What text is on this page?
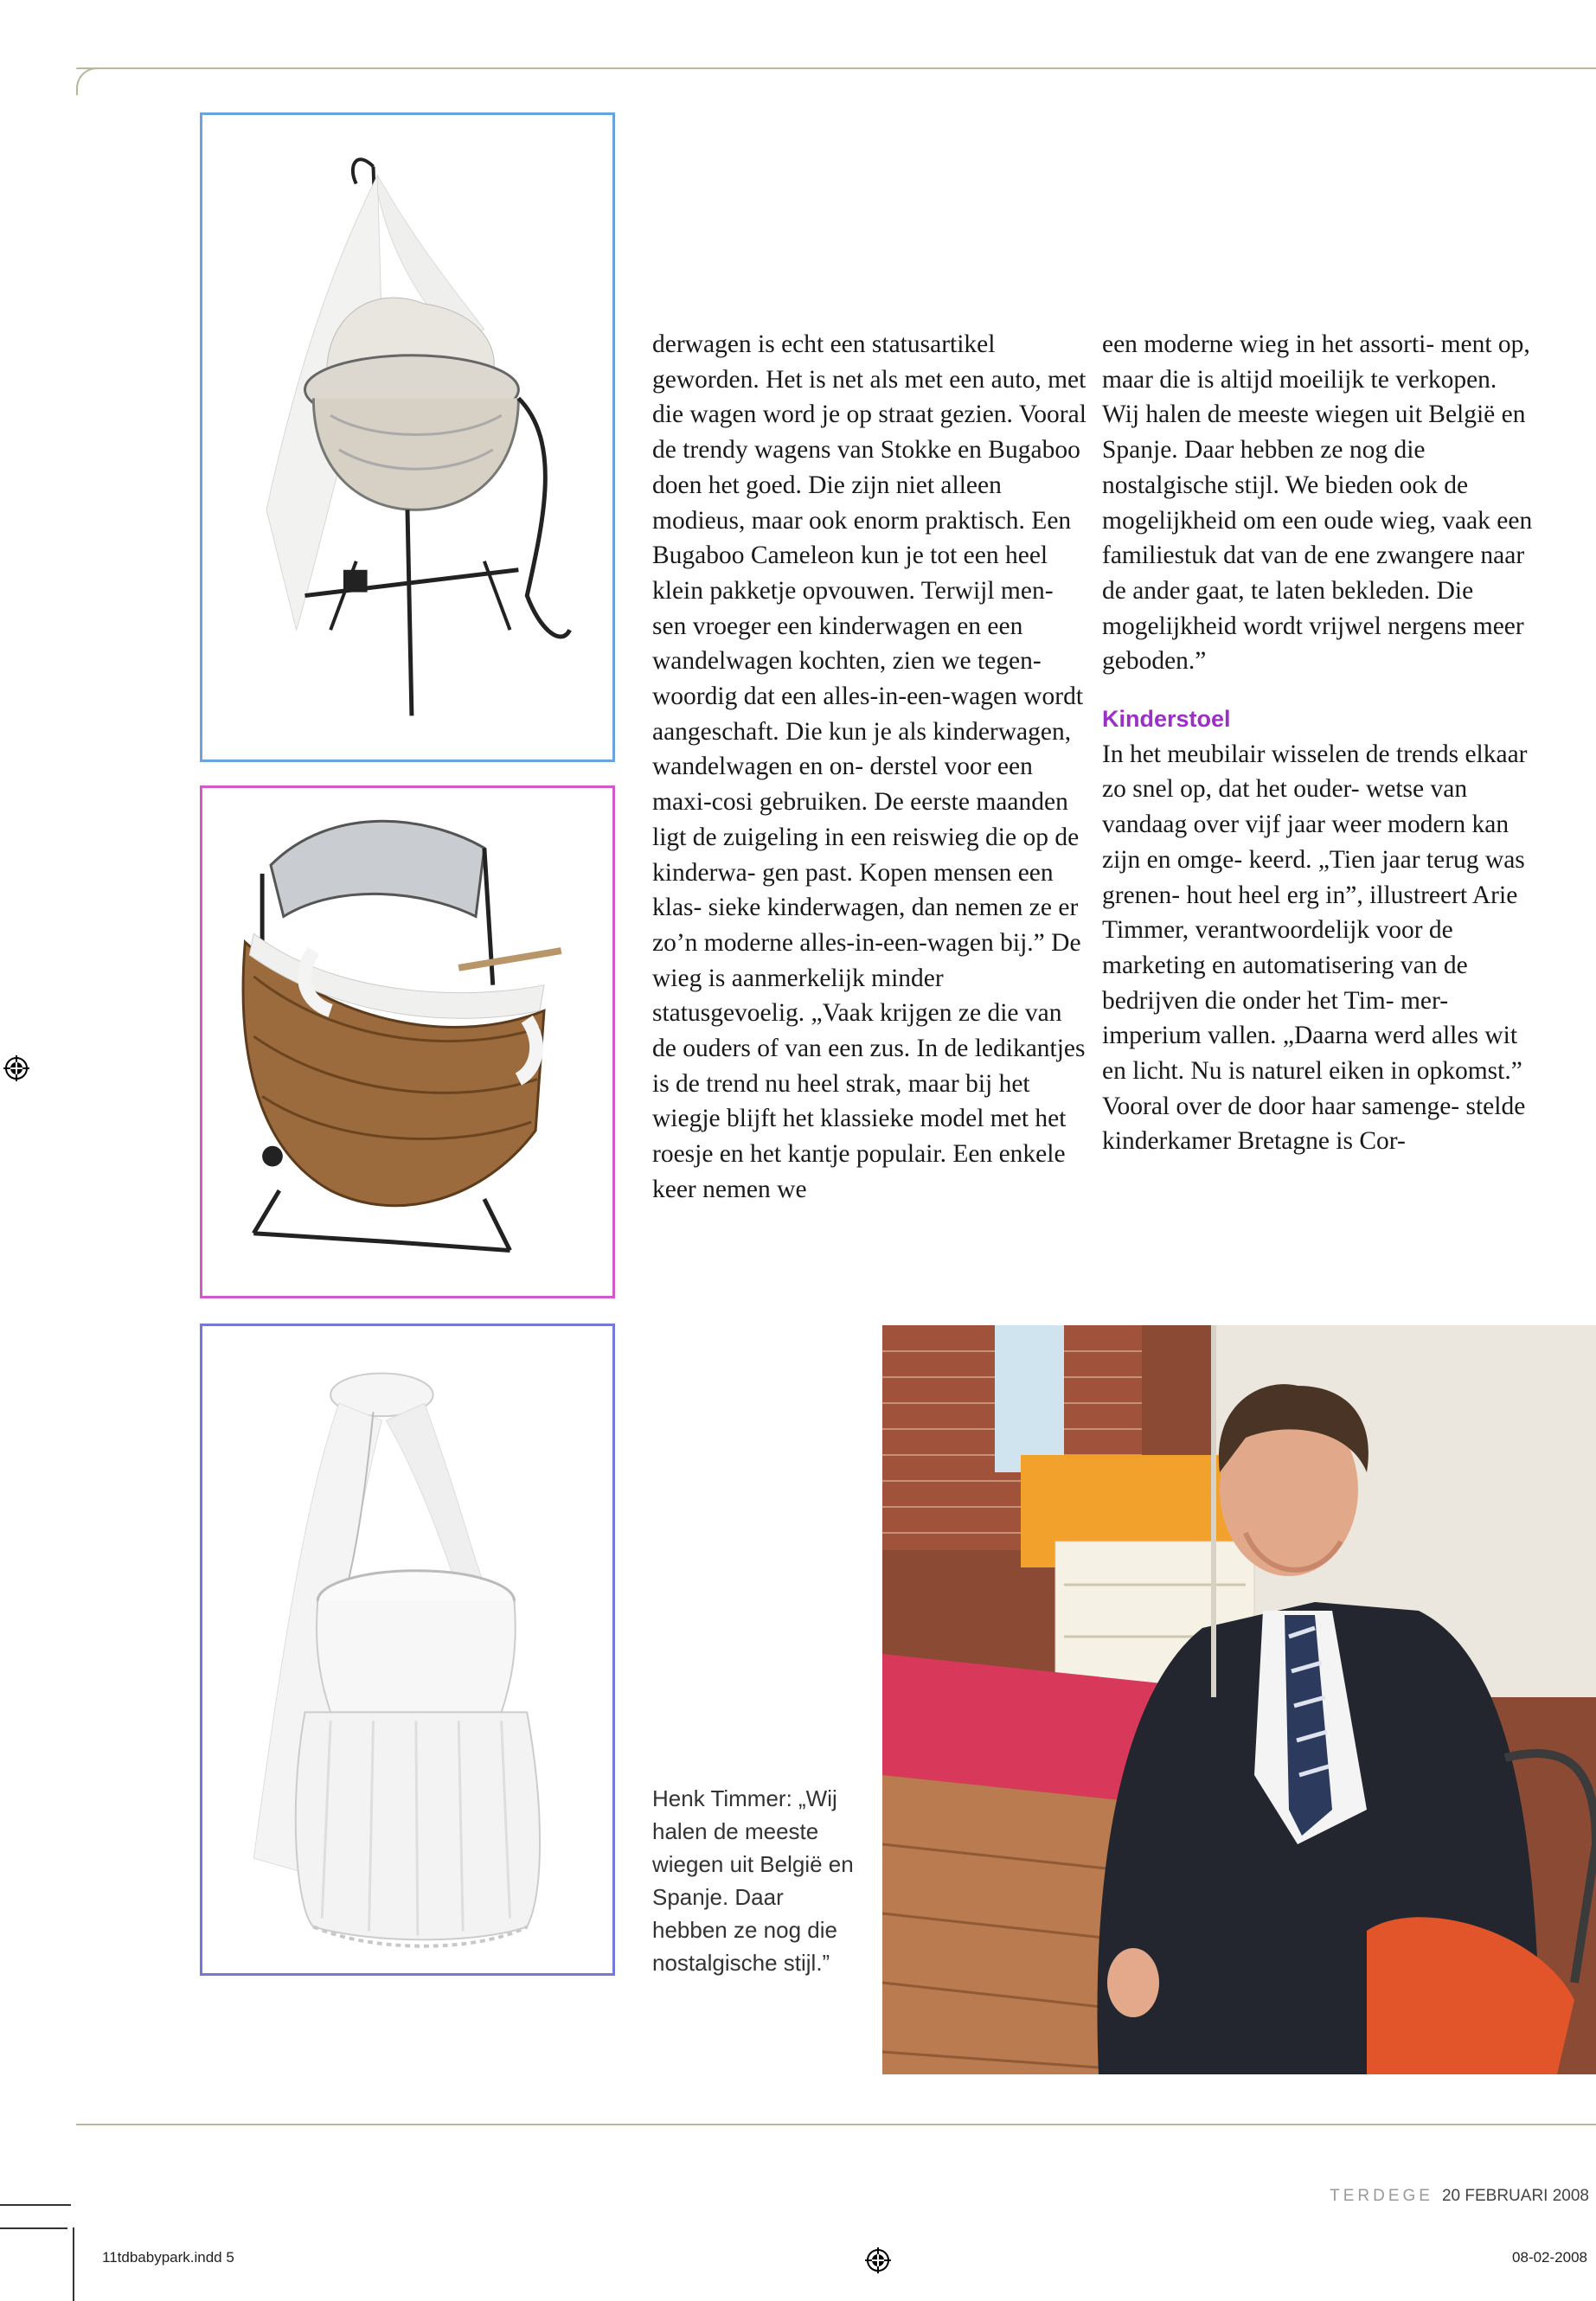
derwagen is echt een statusartikel geworden. Het is net als met een auto, met die wagen word je op straat gezien. Vooral de trendy wagens van Stokke en Bugaboo doen het goed. Die zijn niet alleen modieus, maar ook enorm praktisch. Een Bugaboo Cameleon kun je tot een heel klein pakketje opvouwen. Terwijl men- sen vroeger een kinderwagen en een wandelwagen kochten, zien we tegen- woordig dat een alles-in-een-wagen wordt aangeschaft. Die kun je als kinderwagen, wandelwagen en on- derstel voor een maxi-cosi gebruiken. De eerste maanden ligt de zuigeling in een reiswieg die op de kinderwa- gen past. Kopen mensen een klas- sieke kinderwagen, dan nemen ze er zo’n moderne alles-in-een-wagen bij.” De wieg is aanmerkelijk minder statusgevoelig. „Vaak krijgen ze die van de ouders of van een zus. In de ledikantjes is de trend nu heel strak, maar bij het wiegje blijft het klassieke model met het roesje en het kantje populair. Een enkele keer nemen we

een moderne wieg in het assorti- ment op, maar die is altijd moeilijk te verkopen. Wij halen de meeste wiegen uit België en Spanje. Daar hebben ze nog die nostalgische stijl. We bieden ook de mogelijkheid om een oude wieg, vaak een familiestuk dat van de ene zwangere naar de ander gaat, te laten bekleden. Die mogelijkheid wordt vrijwel nergens meer geboden.”

Kinderstoel

In het meubilair wisselen de trends elkaar zo snel op, dat het ouder- wetse van vandaag over vijf jaar weer modern kan zijn en omge- keerd. „Tien jaar terug was grenen- hout heel erg in”, illustreert Arie Timmer, verantwoordelijk voor de marketing en automatisering van de bedrijven die onder het Tim- mer-imperium vallen. „Daarna werd alles wit en licht. Nu is naturel eiken in opkomst.”

Vooral over de door haar samenge- stelde kinderkamer Bretagne is Cor-

Henk Timmer: „Wij halen de meeste wiegen uit België en Spanje. Daar hebben ze nog die nostalgische stijl.”
TERDEGE 20 FEBRUARI 2008
11tdbabypark.indd 5	08-02-2008
